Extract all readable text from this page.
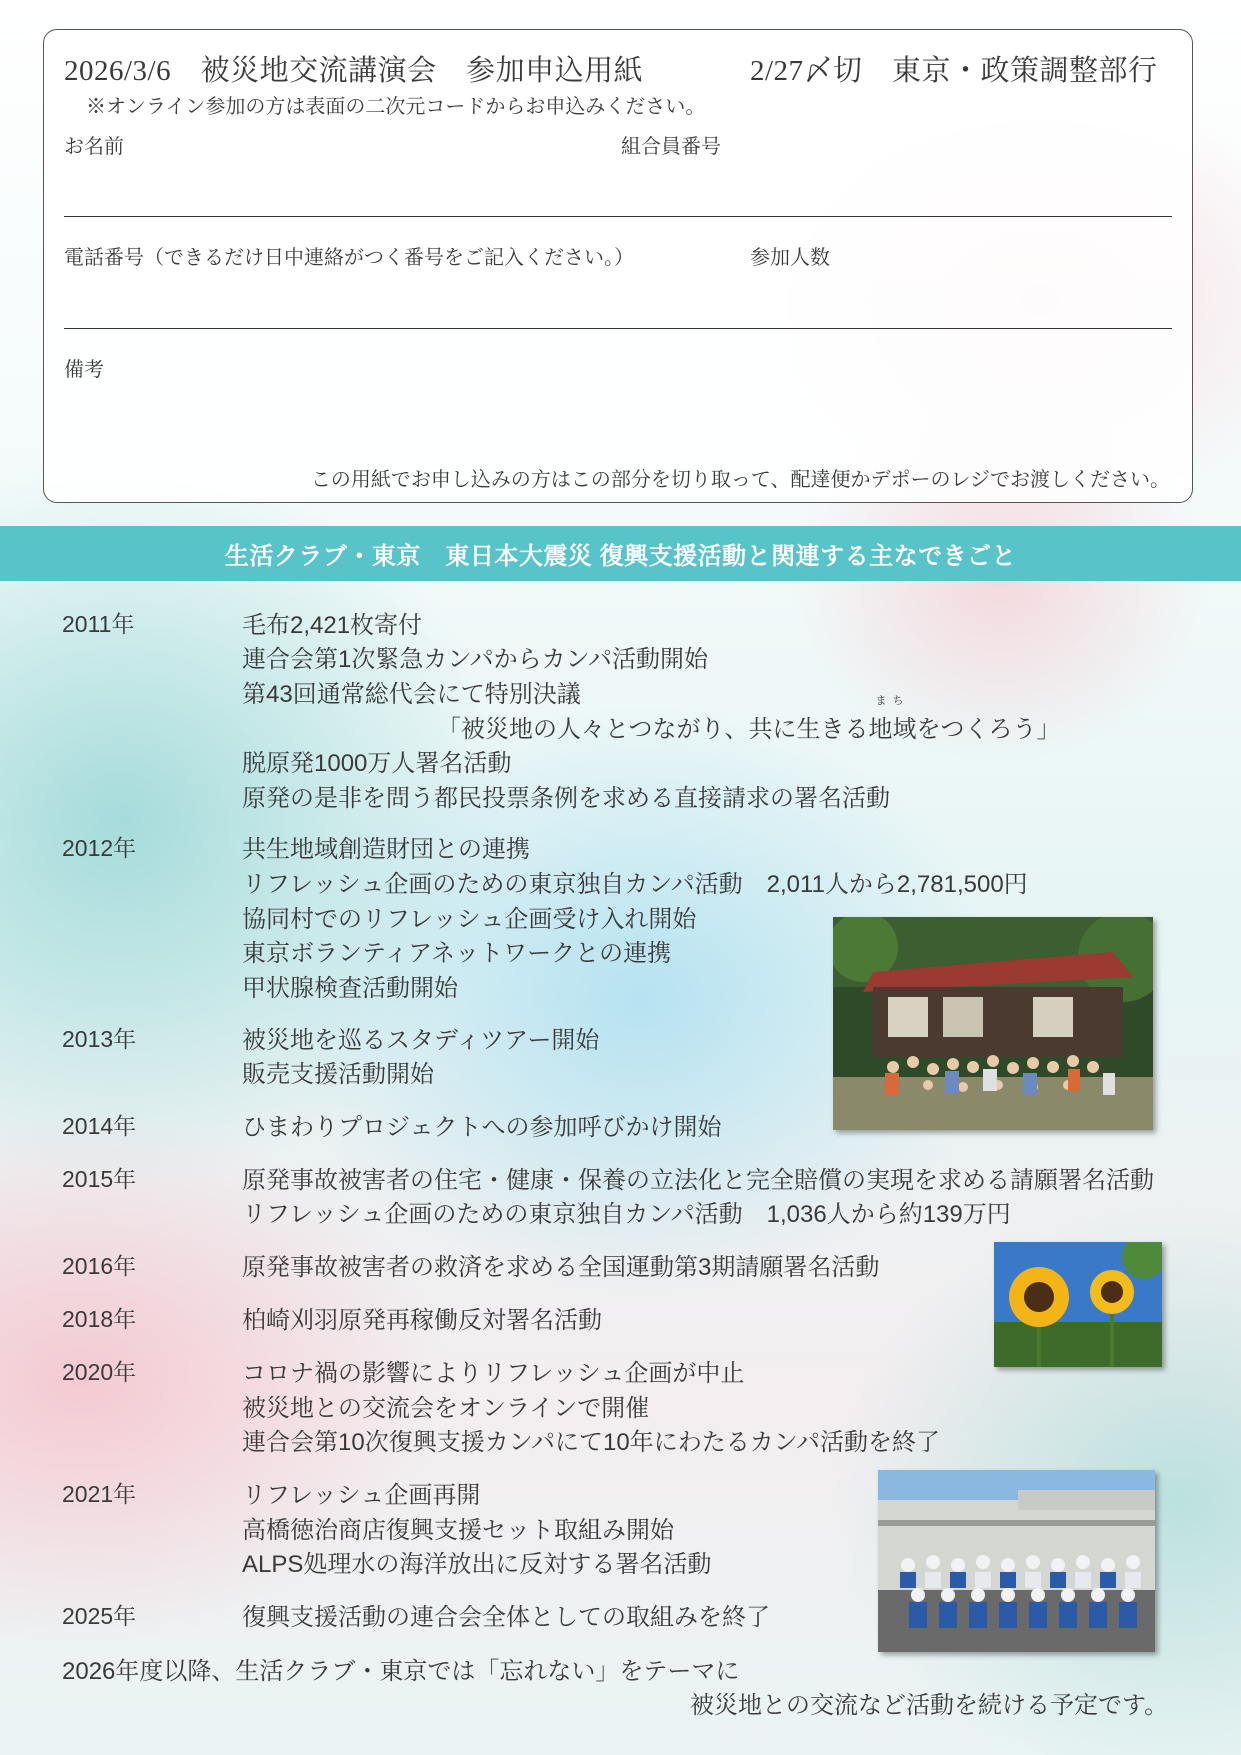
2026/3/6　被災地交流講演会　参加申込用紙	2/27〆切　東京・政策調整部行
※オンライン参加の方は表面の二次元コードからお申込みください。
お名前	組合員番号
電話番号（できるだけ日中連絡がつく番号をご記入ください。）	参加人数
備考
この用紙でお申し込みの方はこの部分を切り取って、配達便かデポーのレジでお渡しください。
生活クラブ・東京　東日本大震災 復興支援活動と関連する主なできごと
2011年	毛布2,421枚寄付
連合会第1次緊急カンパからカンパ活動開始
第43回通常総代会にて特別決議
「被災地の人々とつながり、共に生きる
まち
地域をつくろう」
脱原発1000万人署名活動
原発の是非を問う都民投票条例を求める直接請求の署名活動
2012年	共生地域創造財団との連携
リフレッシュ企画のための東京独自カンパ活動　2,011人から2,781,500円
協同村でのリフレッシュ企画受け入れ開始
東京ボランティアネットワークとの連携
甲状腺検査活動開始
2013年	被災地を巡るスタディツアー開始
販売支援活動開始
2014年	ひまわりプロジェクトへの参加呼びかけ開始
2015年	原発事故被害者の住宅・健康・保養の立法化と完全賠償の実現を求める請願署名活動
リフレッシュ企画のための東京独自カンパ活動　1,036人から約139万円
2016年	原発事故被害者の救済を求める全国運動第3期請願署名活動
2018年	柏崎刈羽原発再稼働反対署名活動
2020年	コロナ禍の影響によりリフレッシュ企画が中止
被災地との交流会をオンラインで開催
連合会第10次復興支援カンパにて10年にわたるカンパ活動を終了
2021年	リフレッシュ企画再開
高橋徳治商店復興支援セット取組み開始
ALPS処理水の海洋放出に反対する署名活動
2025年	復興支援活動の連合会全体としての取組みを終了
2026年度以降、生活クラブ・東京では「忘れない」をテーマに
被災地との交流など活動を続ける予定です。
